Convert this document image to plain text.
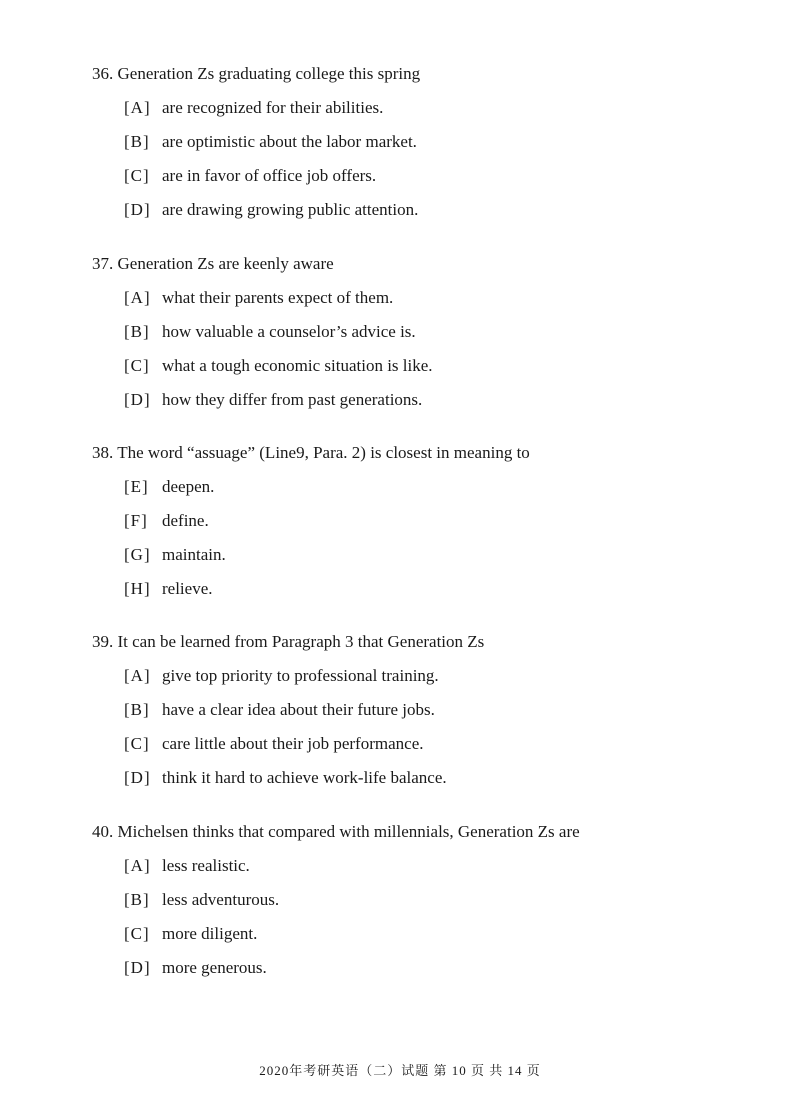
36. Generation Zs graduating college this spring
[A] are recognized for their abilities.
[B] are optimistic about the labor market.
[C] are in favor of office job offers.
[D] are drawing growing public attention.
37. Generation Zs are keenly aware
[A] what their parents expect of them.
[B] how valuable a counselor’s advice is.
[C] what a tough economic situation is like.
[D] how they differ from past generations.
38. The word “assuage” (Line9, Para. 2) is closest in meaning to
[E] deepen.
[F] define.
[G] maintain.
[H] relieve.
39. It can be learned from Paragraph 3 that Generation Zs
[A] give top priority to professional training.
[B] have a clear idea about their future jobs.
[C] care little about their job performance.
[D] think it hard to achieve work-life balance.
40. Michelsen thinks that compared with millennials, Generation Zs are
[A] less realistic.
[B] less adventurous.
[C] more diligent.
[D] more generous.
2020年考研英语（二）试题 第 10 页 共 14 页
